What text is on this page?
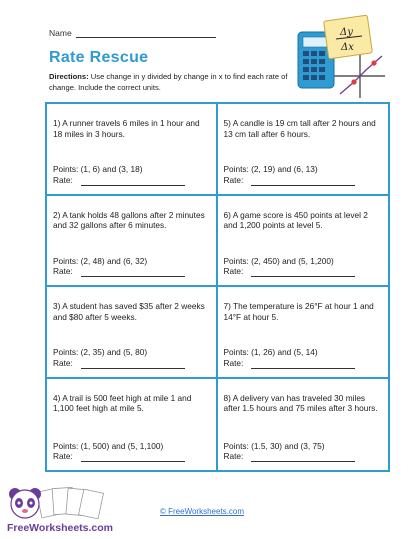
Name
Rate Rescue
Directions: Use change in y divided by change in x to find each rate of change. Include the correct units.
Δy
Δx
1) A runner travels 6 miles in 1 hour and 18 miles in 3 hours.
Points: (1, 6) and (3, 18)
Rate:
5) A candle is 19 cm tall after 2 hours and 13 cm tall after 6 hours.
Points: (2, 19) and (6, 13)
Rate:
2) A tank holds 48 gallons after 2 minutes and 32 gallons after 6 minutes.
Points: (2, 48) and (6, 32)
Rate:
6) A game score is 450 points at level 2 and 1,200 points at level 5.
Points: (2, 450) and (5, 1,200)
Rate:
3) A student has saved $35 after 2 weeks and $80 after 5 weeks.
Points: (2, 35) and (5, 80)
Rate:
7) The temperature is 26°F at hour 1 and 14°F at hour 5.
Points: (1, 26) and (5, 14)
Rate:
4) A trail is 500 feet high at mile 1 and 1,100 feet high at mile 5.
Points: (1, 500) and (5, 1,100)
Rate:
8) A delivery van has traveled 30 miles after 1.5 hours and 75 miles after 3 hours.
Points: (1.5, 30) and (3, 75)
Rate:
FreeWorksheets.com
© FreeWorksheets.com
